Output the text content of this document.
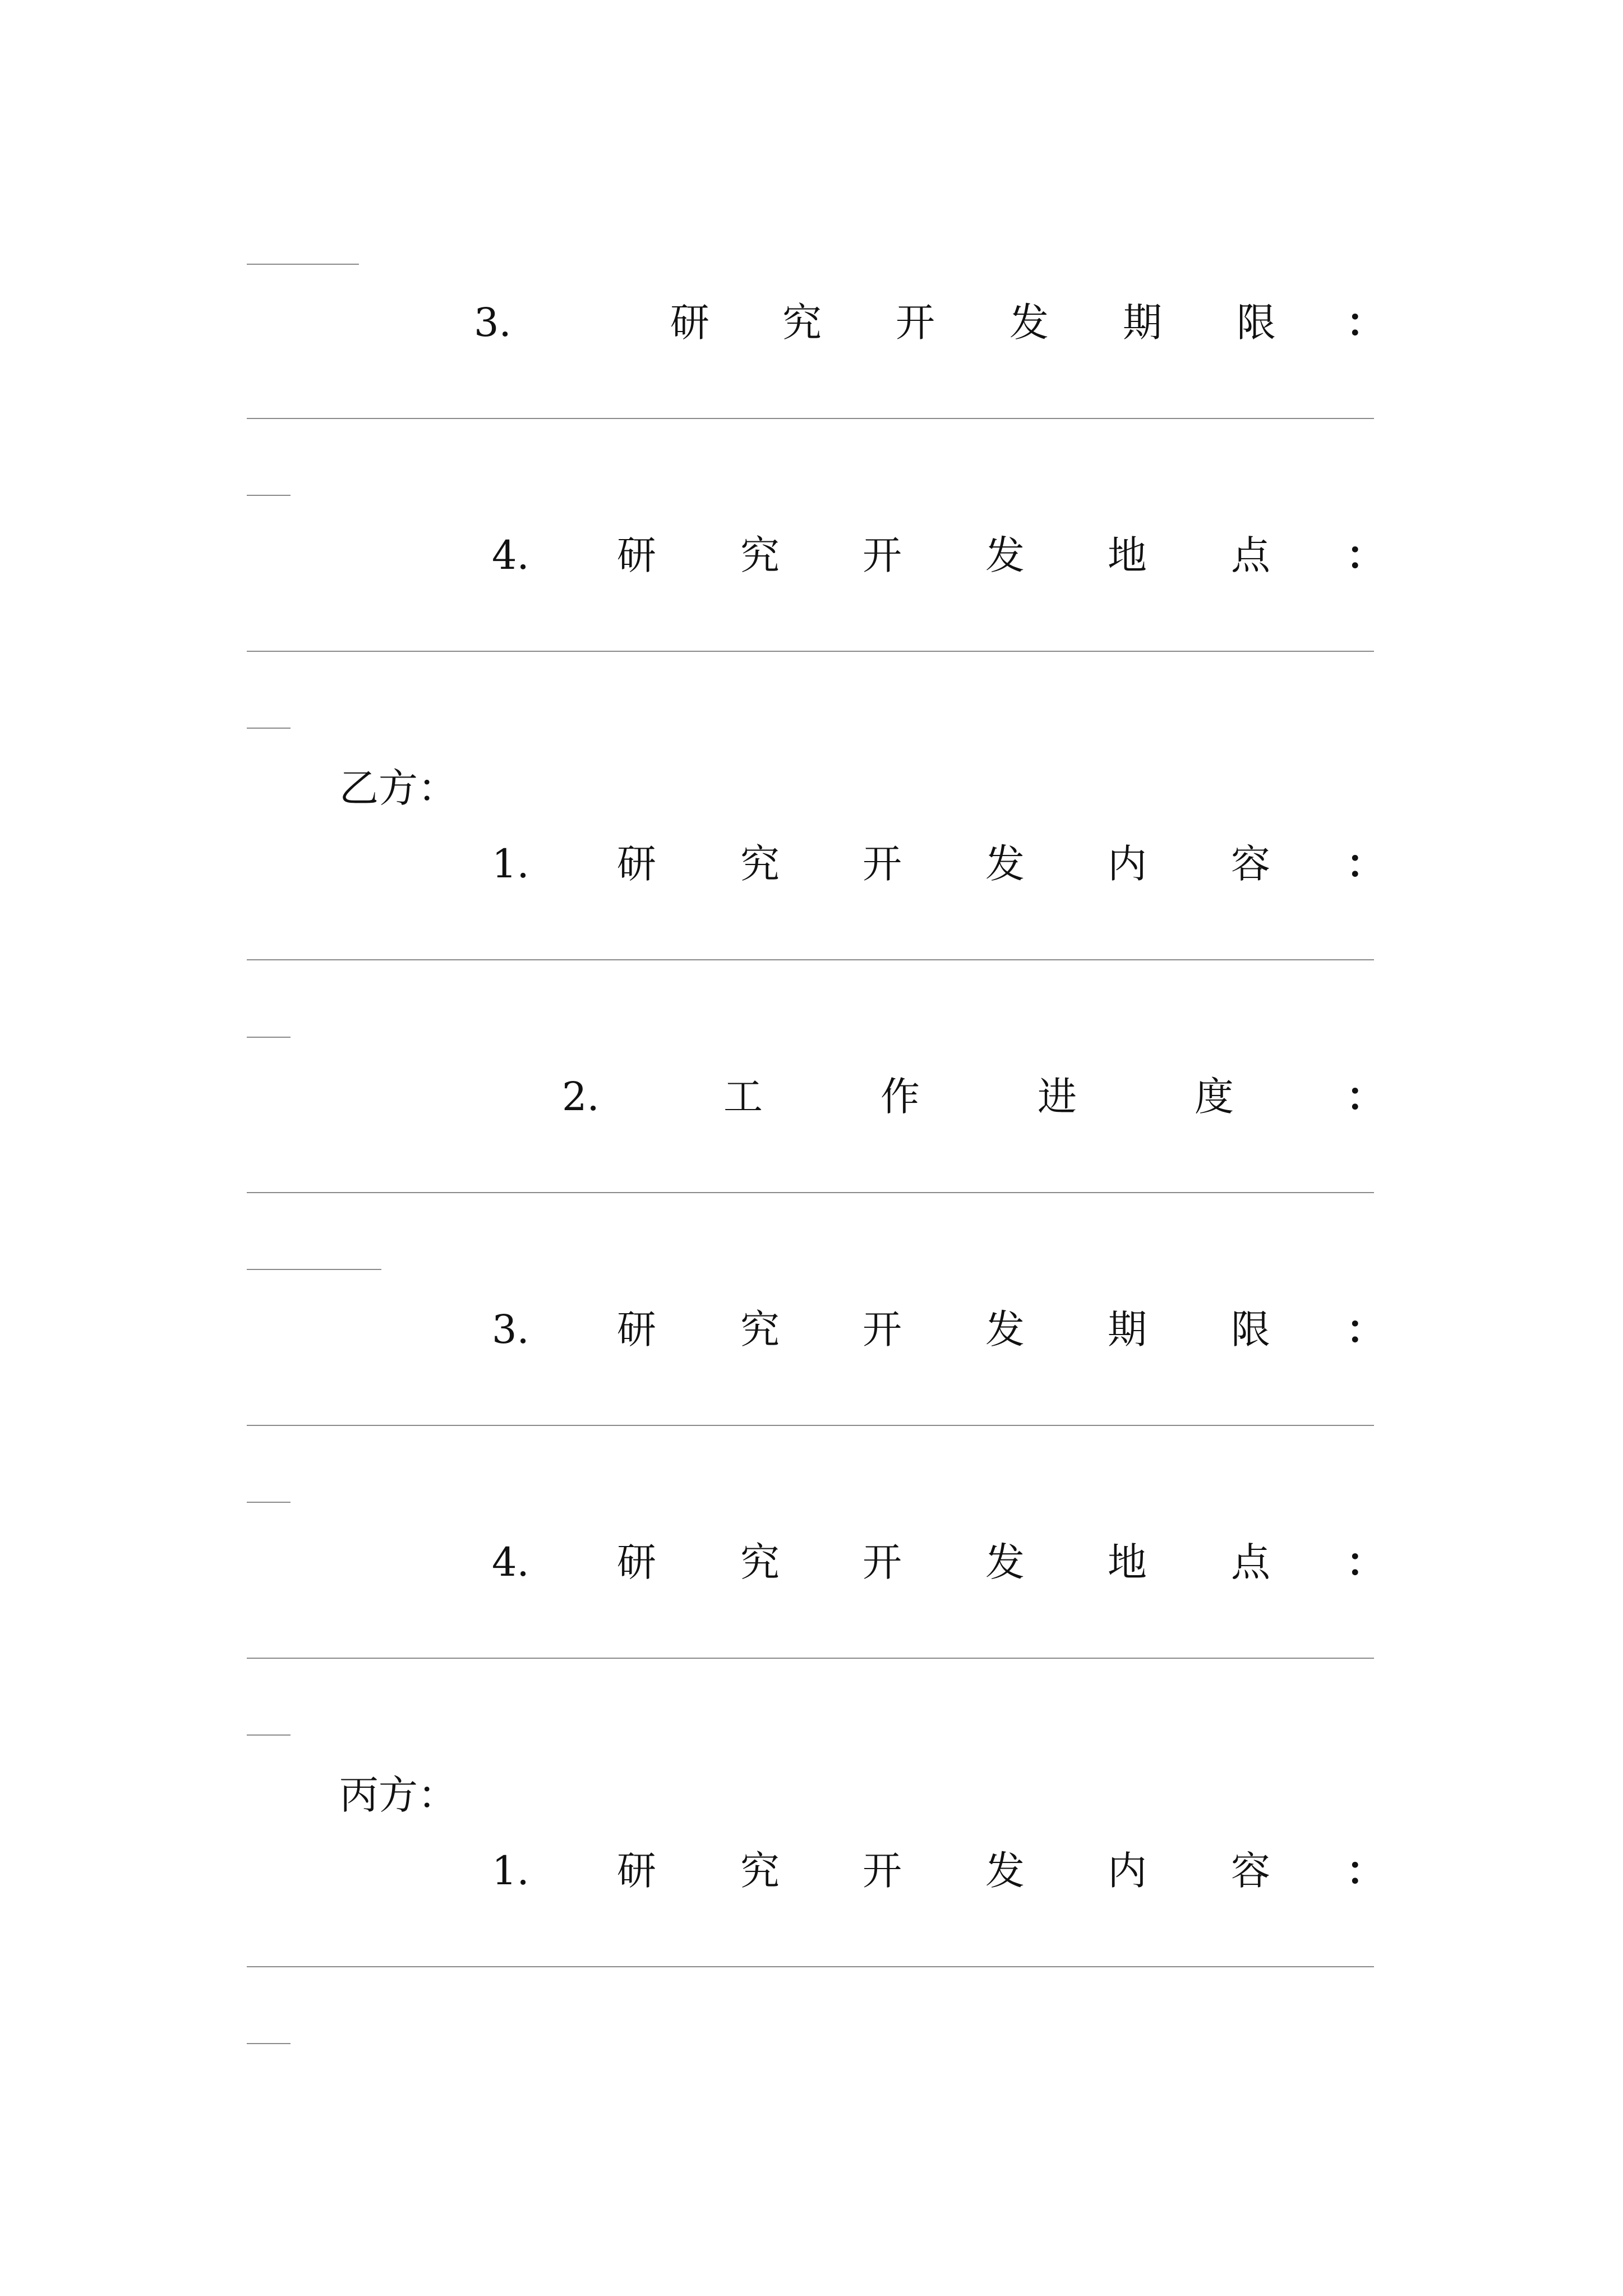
3.	研	究	开	发	期	限	：
4.	研	究	开	发	地	点	：
乙方：
1.	研	究	开	发	内	容	：
2.	工	作	进	度	：
3.	研	究	开	发	期	限	：
4.	研	究	开	发	地	点	：
丙方：
1.	研	究	开	发	内	容	：
